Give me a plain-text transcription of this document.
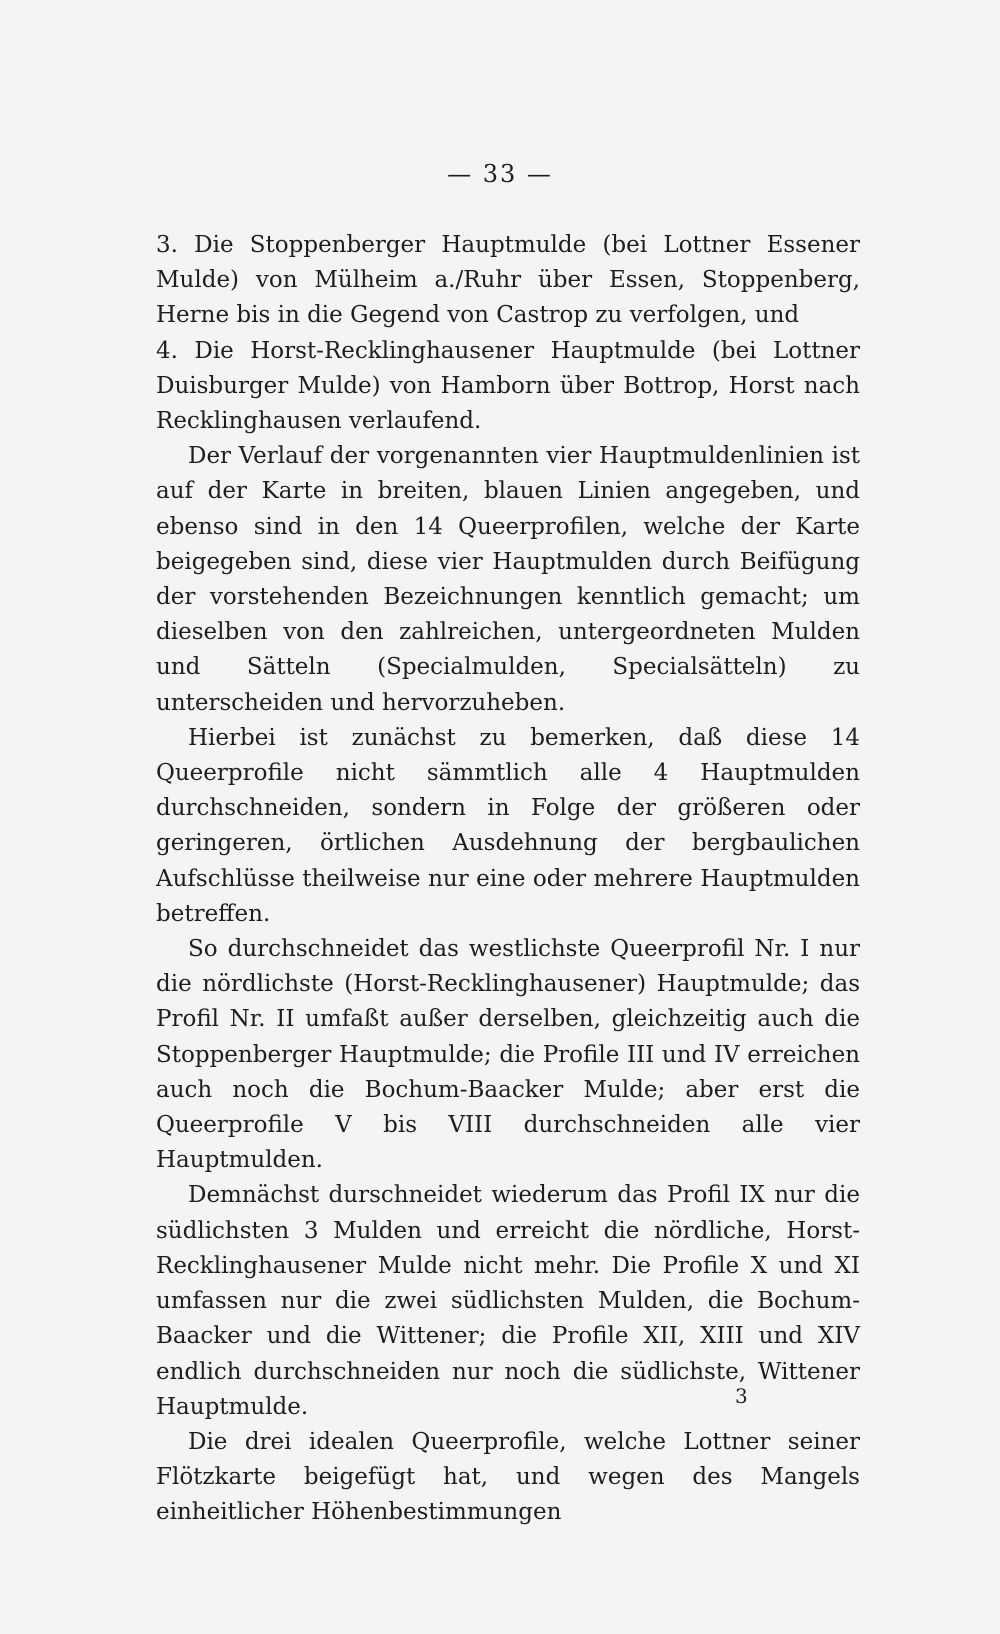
— 33 —

3. Die Stoppenberger Hauptmulde (bei Lottner Essener Mulde) von Mülheim a./Ruhr über Essen, Stoppenberg, Herne bis in die Gegend von Castrop zu verfolgen, und

4. Die Horst-Recklinghausener Hauptmulde (bei Lottner Duisburger Mulde) von Hamborn über Bottrop, Horst nach Recklinghausen verlaufend.

Der Verlauf der vorgenannten vier Hauptmuldenlinien ist auf der Karte in breiten, blauen Linien angegeben, und ebenso sind in den 14 Queerprofilen, welche der Karte beigegeben sind, diese vier Hauptmulden durch Beifügung der vorstehenden Bezeichnungen kenntlich gemacht; um dieselben von den zahlreichen, untergeordneten Mulden und Sätteln (Specialmulden, Specialsätteln) zu unterscheiden und hervorzuheben.

Hierbei ist zunächst zu bemerken, daß diese 14 Queerprofile nicht sämmtlich alle 4 Hauptmulden durchschneiden, sondern in Folge der größeren oder geringeren, örtlichen Ausdehnung der bergbaulichen Aufschlüsse theilweise nur eine oder mehrere Hauptmulden betreffen.

So durchschneidet das westlichste Queerprofil Nr. I nur die nördlichste (Horst-Recklinghausener) Hauptmulde; das Profil Nr. II umfaßt außer derselben, gleichzeitig auch die Stoppenberger Hauptmulde; die Profile III und IV erreichen auch noch die Bochum-Baacker Mulde; aber erst die Queerprofile V bis VIII durchschneiden alle vier Hauptmulden.

Demnächst durschneidet wiederum das Profil IX nur die südlichsten 3 Mulden und erreicht die nördliche, Horst-Recklinghausener Mulde nicht mehr. Die Profile X und XI umfassen nur die zwei südlichsten Mulden, die Bochum-Baacker und die Wittener; die Profile XII, XIII und XIV endlich durchschneiden nur noch die südlichste, Wittener Hauptmulde.

Die drei idealen Queerprofile, welche Lottner seiner Flötzkarte beigefügt hat, und wegen des Mangels einheitlicher Höhenbestimmungen

3
